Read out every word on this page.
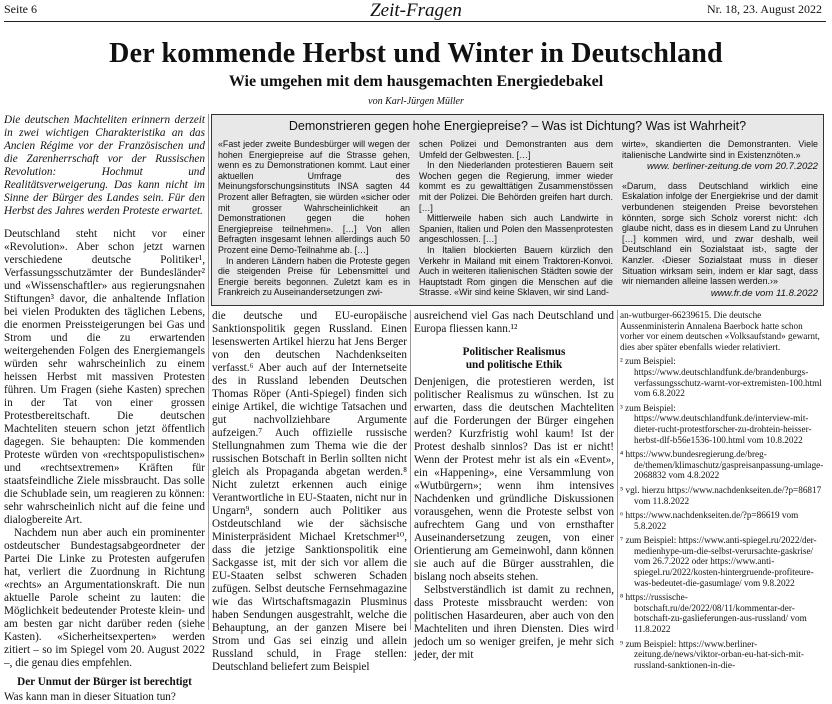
Seite 6	Zeit-Fragen	Nr. 18, 23. August 2022
Der kommende Herbst und Winter in Deutschland
Wie umgehen mit dem hausgemachten Energiedebakel
von Karl-Jürgen Müller

Die deutschen Machteliten erinnern derzeit in zwei wichtigen Charakteristika an das Ancien Régime vor der Französischen und die Zarenherrschaft vor der Russischen Revolution: Hochmut und Realitätsverweigerung. Das kann nicht im Sinne der Bürger des Landes sein. Für den Herbst des Jahres werden Proteste erwartet.

Deutschland steht nicht vor einer «Revolution». Aber schon jetzt warnen verschiedene deutsche Politiker¹, Verfassungsschutzämter der Bundesländer² und «Wissenschaftler» aus regierungsnahen Stiftungen³ davor, die anhaltende Inflation bei vielen Produkten des täglichen Lebens, die enormen Preissteigerungen bei Gas und Strom und die zu erwartenden weitergehenden Folgen des Energiemangels würden sehr wahrscheinlich zu einem heissen Herbst mit massiven Protesten führen. Um Fragen (siehe Kasten) sprechen in der Tat von einer grossen Protestbereitschaft. Die deutschen Machteliten steuern schon jetzt öffentlich dagegen. Sie behaupten: Die kommenden Proteste würden von «rechtspopulistischen» und «rechtsextremen» Kräften für staatsfeindliche Ziele missbraucht. Das solle die Schublade sein, um reagieren zu können: sehr wahrscheinlich nicht auf die feine und dialogbereite Art.

Nachdem nun aber auch ein prominenter ostdeutscher Bundestagsabgeordneter der Partei Die Linke zu Protesten aufgerufen hat, verliert die Zuordnung in Richtung «rechts» an Argumentationskraft. Die nun aktuelle Parole scheint zu lauten: die Möglichkeit bedeutender Proteste klein- und am besten gar nicht darüber reden (siehe Kasten). «Sicherheitsexperten» werden zitiert – so im Spiegel vom 20. August 2022 –, die genau dies empfehlen.

Der Unmut der Bürger ist berechtigt

Was kann man in dieser Situation tun?

Demonstrieren gegen hohe Energiepreise? – Was ist Dichtung? Was ist Wahrheit?

«Fast jeder zweite Bundesbürger will wegen der hohen Energiepreise auf die Strasse gehen, wenn es zu Demonstrationen kommt. Laut einer aktuellen Umfrage des Meinungsforschungsinstituts INSA sagten 44 Prozent aller Befragten, sie würden «sicher oder mit grosser Wahrscheinlichkeit an Demonstrationen gegen die hohen Energiepreise teilnehmen». […] Von allen Befragten insgesamt lehnen allerdings auch 50 Prozent eine Demo-Teilnahme ab. […]

In anderen Ländern haben die Proteste gegen die steigenden Preise für Lebensmittel und Energie bereits begonnen. Zuletzt kam es in Frankreich zu Auseinandersetzungen zwi-

schen Polizei und Demonstranten aus dem Umfeld der Gelbwesten. […]

In den Niederlanden protestieren Bauern seit Wochen gegen die Regierung, immer wieder kommt es zu gewalttätigen Zusammenstössen mit der Polizei. Die Behörden greifen hart durch. […]

Mittlerweile haben sich auch Landwirte in Spanien, Italien und Polen den Massenprotesten angeschlossen. […]

In Italien blockierten Bauern kürzlich den Verkehr in Mailand mit einem Traktoren-Konvoi. Auch in weiteren italienischen Städten sowie der Hauptstadt Rom gingen die Menschen auf die Strasse. «Wir sind keine Sklaven, wir sind Land-

wirte», skandierten die Demonstranten. Viele italienische Landwirte sind in Existenznöten.»

www. berliner-zeitung.de vom 20.7.2022

«Darum, dass Deutschland wirklich eine Eskalation infolge der Energiekrise und der damit verbundenen steigenden Preise bevorstehen könnten, sorge sich Scholz vorerst nicht: ‹Ich glaube nicht, dass es in diesem Land zu Unruhen […] kommen wird, und zwar deshalb, weil Deutschland ein Sozialstaat ist›, sagte der Kanzler. ‹Dieser Sozialstaat muss in dieser Situation wirksam sein, indem er klar sagt, dass wir niemanden alleine lassen werden.›»

www.fr.de vom 11.8.2022

die deutsche und EU-europäische Sanktionspolitik gegen Russland. Einen lesenswerten Artikel hierzu hat Jens Berger von den deutschen Nachdenkseiten verfasst.⁶ Aber auch auf der Internetseite des in Russland lebenden Deutschen Thomas Röper (Anti-Spiegel) finden sich einige Artikel, die wichtige Tatsachen und gut nachvollziehbare Argumente aufzeigen.⁷ Auch offizielle russische Stellungnahmen zum Thema wie die der russischen Botschaft in Berlin sollten nicht gleich als Propaganda abgetan werden.⁸ Nicht zuletzt erkennen auch einige Verantwortliche in EU-Staaten, nicht nur in Ungarn⁹, sondern auch Politiker aus Ostdeutschland wie der sächsische Ministerpräsident Michael Kretschmer¹⁰, dass die jetzige Sanktionspolitik eine Sackgasse ist, mit der sich vor allem die EU-Staaten selbst schweren Schaden zufügen. Selbst deutsche Fernsehmagazine wie das Wirtschaftsmagazin Plusminus haben Sendungen ausgestrahlt, welche die Behauptung, an der ganzen Misere bei Strom und Gas sei einzig und allein Russland schuld, in Frage stellen: Deutschland beliefert zum Beispiel

ausreichend viel Gas nach Deutschland und Europa fliessen kann.¹²

Politischer Realismus
und politische Ethik

Denjenigen, die protestieren werden, ist politischer Realismus zu wünschen. Ist zu erwarten, dass die deutschen Machteliten auf die Forderungen der Bürger eingehen werden? Kurzfristig wohl kaum! Ist der Protest deshalb sinnlos? Das ist er nicht! Wenn der Protest mehr ist als ein «Event», ein «Happening», eine Versammlung von «Wutbürgern»; wenn ihm intensives Nachdenken und gründliche Diskussionen vorausgehen, wenn die Proteste selbst von aufrechtem Gang und von ernsthafter Auseinandersetzung zeugen, von einer Orientierung am Gemeinwohl, dann können sie auch auf die Bürger ausstrahlen, die bislang noch abseits stehen.

Selbstverständlich ist damit zu rechnen, dass Proteste missbraucht werden: von politischen Hasardeuren, aber auch von den Machteliten und ihren Diensten. Dies wird jedoch um so weniger greifen, je mehr sich jeder, der mit

an-wutburger-66239615. Die deutsche Aussenministerin Annalena Baerbock hatte schon vorher vor einem deutschen «Volksaufstand» gewarnt, dies aber später ebenfalls wieder relativiert.

² zum Beispiel: https://www.deutschlandfunk.de/brandenburgs-verfassungsschutz-warnt-vor-extremisten-100.html vom 6.8.2022

³ zum Beispiel: https://www.deutschlandfunk.de/interview-mit-dieter-rucht-protestforscher-zu-drohtein-heisser-herbst-dlf-b56e1536-100.html vom 10.8.2022

⁴ https://www.bundesregierung.de/breg-de/themen/klimaschutz/gaspreisanpassung-umlage-2068832 vom 4.8.2022

⁵ vgl. hierzu https://www.nachdenkseiten.de/?p=86817 vom 11.8.2022

⁶ https://www.nachdenkseiten.de/?p=86619 vom 5.8.2022

⁷ zum Beispiel: https://www.anti-spiegel.ru/2022/der-medienhype-um-die-selbst-verursachte-gaskrise/ vom 26.7.2022 oder https://www.anti-spiegel.ru/2022/kosten-hintergruende-profiteure-was-bedeutet-die-gasumlage/ vom 9.8.2022

⁸ https://russische-botschaft.ru/de/2022/08/11/kommentar-der-botschaft-zu-gaslieferungen-aus-russland/ vom 11.8.2022

⁹ zum Beispiel: https://www.berliner-zeitung.de/news/viktor-orban-eu-hat-sich-mit-russland-sanktionen-in-die-
